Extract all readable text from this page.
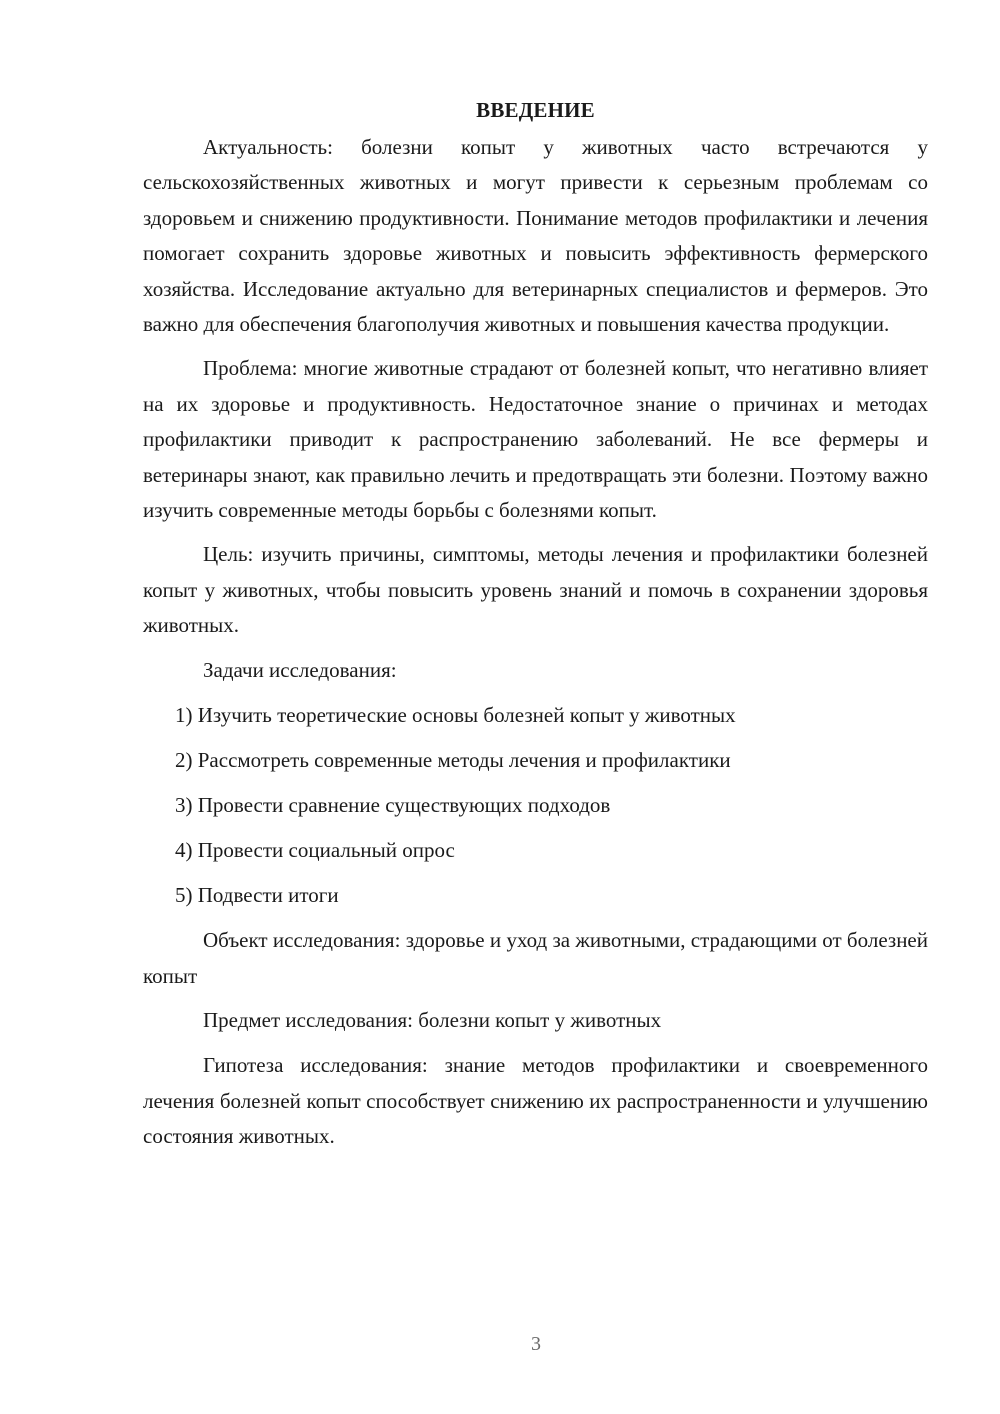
ВВЕДЕНИЕ

Актуальность: болезни копыт у животных часто встречаются у сельскохозяйственных животных и могут привести к серьезным проблемам со здоровьем и снижению продуктивности. Понимание методов профилактики и лечения помогает сохранить здоровье животных и повысить эффективность фермерского хозяйства. Исследование актуально для ветеринарных специалистов и фермеров. Это важно для обеспечения благополучия животных и повышения качества продукции.

Проблема: многие животные страдают от болезней копыт, что негативно влияет на их здоровье и продуктивность. Недостаточное знание о причинах и методах профилактики приводит к распространению заболеваний. Не все фермеры и ветеринары знают, как правильно лечить и предотвращать эти болезни. Поэтому важно изучить современные методы борьбы с болезнями копыт.

Цель: изучить причины, симптомы, методы лечения и профилактики болезней копыт у животных, чтобы повысить уровень знаний и помочь в сохранении здоровья животных.

Задачи исследования:

1) Изучить теоретические основы болезней копыт у животных
2) Рассмотреть современные методы лечения и профилактики
3) Провести сравнение существующих подходов
4) Провести социальный опрос
5) Подвести итоги

Объект исследования: здоровье и уход за животными, страдающими от болезней копыт

Предмет исследования: болезни копыт у животных

Гипотеза исследования: знание методов профилактики и своевременного лечения болезней копыт способствует снижению их распространенности и улучшению состояния животных.

3
